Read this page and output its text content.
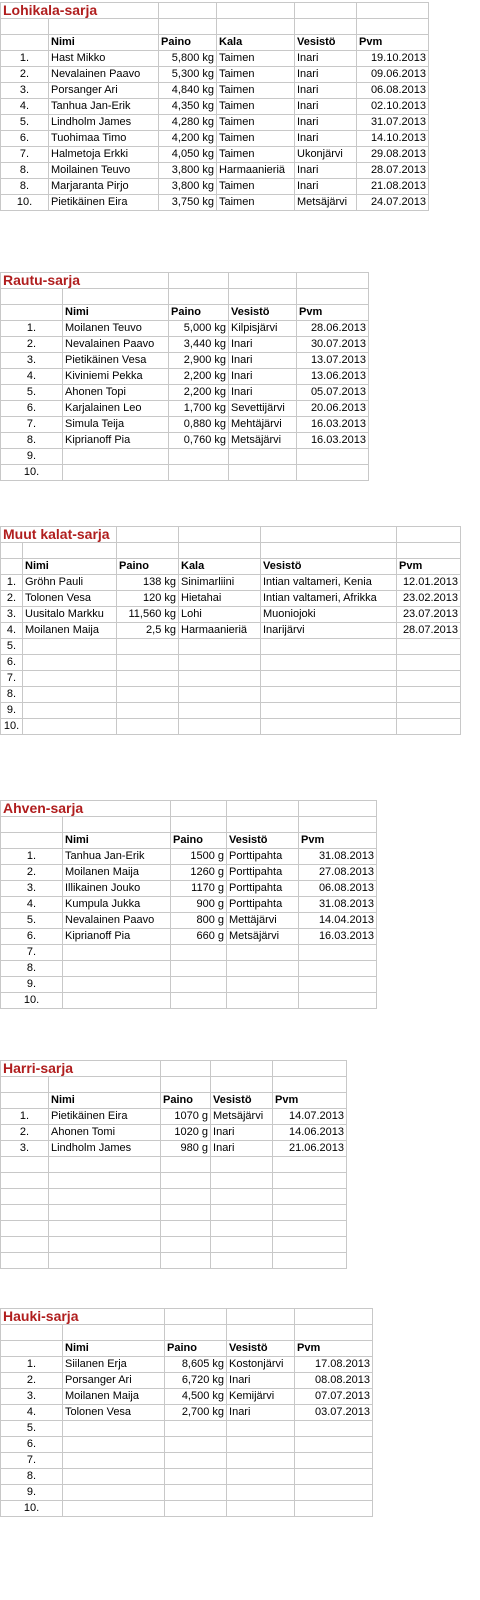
Lohikala-sarja					

	Nimi	Paino	Kala	Vesistö	Pvm
1.	Hast Mikko	5,800 kg	Taimen	Inari	19.10.2013
2.	Nevalainen Paavo	5,300 kg	Taimen	Inari	09.06.2013
3.	Porsanger Ari	4,840 kg	Taimen	Inari	06.08.2013
4.	Tanhua Jan-Erik	4,350 kg	Taimen	Inari	02.10.2013
5.	Lindholm James	4,280 kg	Taimen	Inari	31.07.2013
6.	Tuohimaa Timo	4,200 kg	Taimen	Inari	14.10.2013
7.	Halmetoja Erkki	4,050 kg	Taimen	Ukonjärvi	29.08.2013
8.	Moilainen Teuvo	3,800 kg	Harmaanieriä	Inari	28.07.2013
8.	Marjaranta Pirjo	3,800 kg	Taimen	Inari	21.08.2013
10.	Pietikäinen Eira	3,750 kg	Taimen	Metsäjärvi	24.07.2013
Rautu-sarja				

	Nimi	Paino	Vesistö	Pvm
1.	Moilanen Teuvo	5,000 kg	Kilpisjärvi	28.06.2013
2.	Nevalainen Paavo	3,440 kg	Inari	30.07.2013
3.	Pietikäinen Vesa	2,900 kg	Inari	13.07.2013
4.	Kiviniemi Pekka	2,200 kg	Inari	13.06.2013
5.	Ahonen Topi	2,200 kg	Inari	05.07.2013
6.	Karjalainen Leo	1,700 kg	Sevettijärvi	20.06.2013
7.	Simula Teija	0,880 kg	Mehtäjärvi	16.03.2013
8.	Kiprianoff Pia	0,760 kg	Metsäjärvi	16.03.2013
9.				
10.				
Muut kalat-sarja					

	Nimi	Paino	Kala	Vesistö	Pvm
1.	Gröhn Pauli	138 kg	Sinimarliini	Intian valtameri, Kenia	12.01.2013
2.	Tolonen Vesa	120 kg	Hietahai	Intian valtameri, Afrikka	23.02.2013
3.	Uusitalo Markku	11,560 kg	Lohi	Muoniojoki	23.07.2013
4.	Moilanen Maija	2,5 kg	Harmaanieriä	Inarijärvi	28.07.2013
5.					
6.					
7.					
8.					
9.					
10.					
Ahven-sarja				

	Nimi	Paino	Vesistö	Pvm
1.	Tanhua Jan-Erik	1500 g	Porttipahta	31.08.2013
2.	Moilanen Maija	1260 g	Porttipahta	27.08.2013
3.	Illikainen Jouko	1170 g	Porttipahta	06.08.2013
4.	Kumpula Jukka	900 g	Porttipahta	31.08.2013
5.	Nevalainen Paavo	800 g	Mettäjärvi	14.04.2013
6.	Kiprianoff Pia	660 g	Metsäjärvi	16.03.2013
7.				
8.				
9.				
10.				
Harri-sarja				

	Nimi	Paino	Vesistö	Pvm
1.	Pietikäinen Eira	1070 g	Metsäjärvi	14.07.2013
2.	Ahonen Tomi	1020 g	Inari	14.06.2013
3.	Lindholm James	980 g	Inari	21.06.2013

Hauki-sarja				

	Nimi	Paino	Vesistö	Pvm
1.	Siilanen Erja	8,605 kg	Kostonjärvi	17.08.2013
2.	Porsanger Ari	6,720 kg	Inari	08.08.2013
3.	Moilanen Maija	4,500 kg	Kemijärvi	07.07.2013
4.	Tolonen Vesa	2,700 kg	Inari	03.07.2013
5.				
6.				
7.				
8.				
9.				
10.				
